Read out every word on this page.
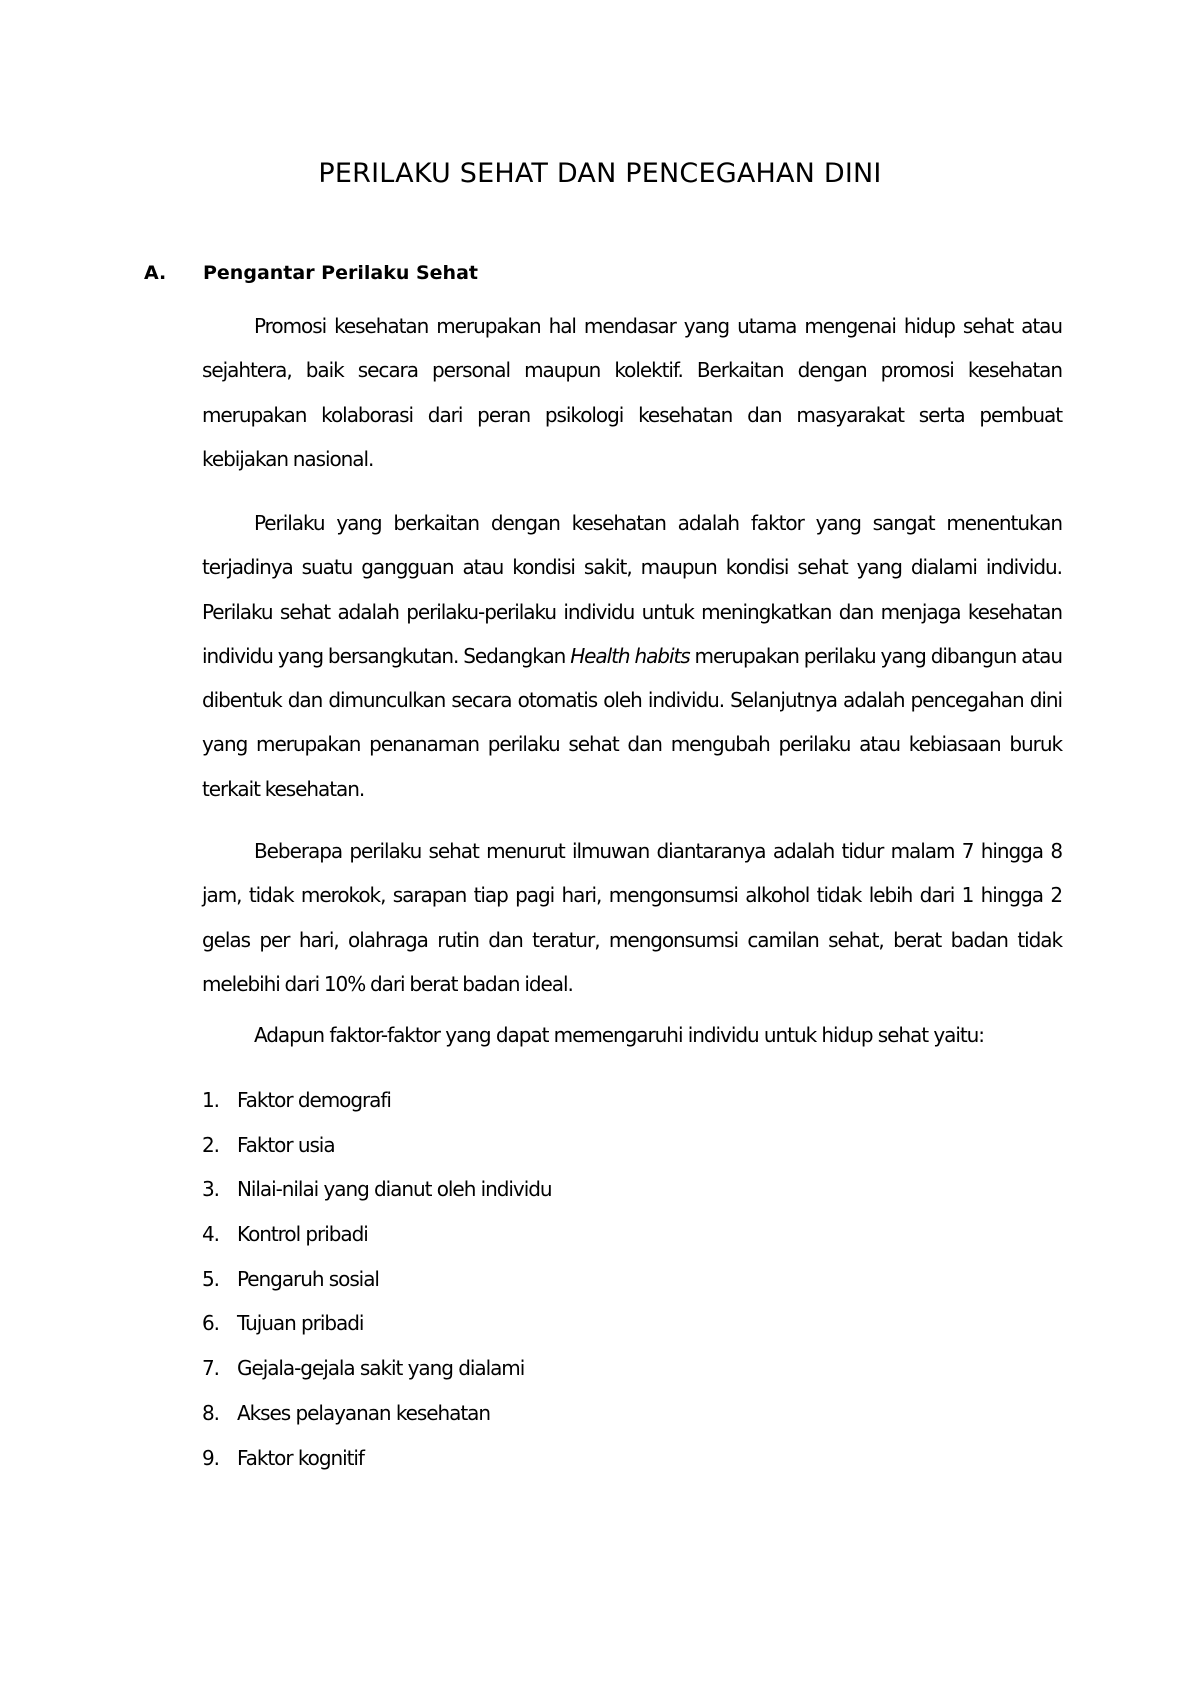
PERILAKU SEHAT DAN PENCEGAHAN DINI
A. Pengantar Perilaku Sehat

Promosi kesehatan merupakan hal mendasar yang utama mengenai hidup sehat atau sejahtera, baik secara personal maupun kolektif. Berkaitan dengan promosi kesehatan merupakan kolaborasi dari peran psikologi kesehatan dan masyarakat serta pembuat kebijakan nasional.

Perilaku yang berkaitan dengan kesehatan adalah faktor yang sangat menentukan terjadinya suatu gangguan atau kondisi sakit, maupun kondisi sehat yang dialami individu. Perilaku sehat adalah perilaku-perilaku individu untuk meningkatkan dan menjaga kesehatan individu yang bersangkutan. Sedangkan Health habits merupakan perilaku yang dibangun atau dibentuk dan dimunculkan secara otomatis oleh individu. Selanjutnya adalah pencegahan dini yang merupakan penanaman perilaku sehat dan mengubah perilaku atau kebiasaan buruk terkait kesehatan.

Beberapa perilaku sehat menurut ilmuwan diantaranya adalah tidur malam 7 hingga 8 jam, tidak merokok, sarapan tiap pagi hari, mengonsumsi alkohol tidak lebih dari 1 hingga 2 gelas per hari, olahraga rutin dan teratur, mengonsumsi camilan sehat, berat badan tidak melebihi dari 10% dari berat badan ideal.

Adapun faktor-faktor yang dapat memengaruhi individu untuk hidup sehat yaitu:
1. Faktor demografi
2. Faktor usia
3. Nilai-nilai yang dianut oleh individu
4. Kontrol pribadi
5. Pengaruh sosial
6. Tujuan pribadi
7. Gejala-gejala sakit yang dialami
8. Akses pelayanan kesehatan
9. Faktor kognitif
